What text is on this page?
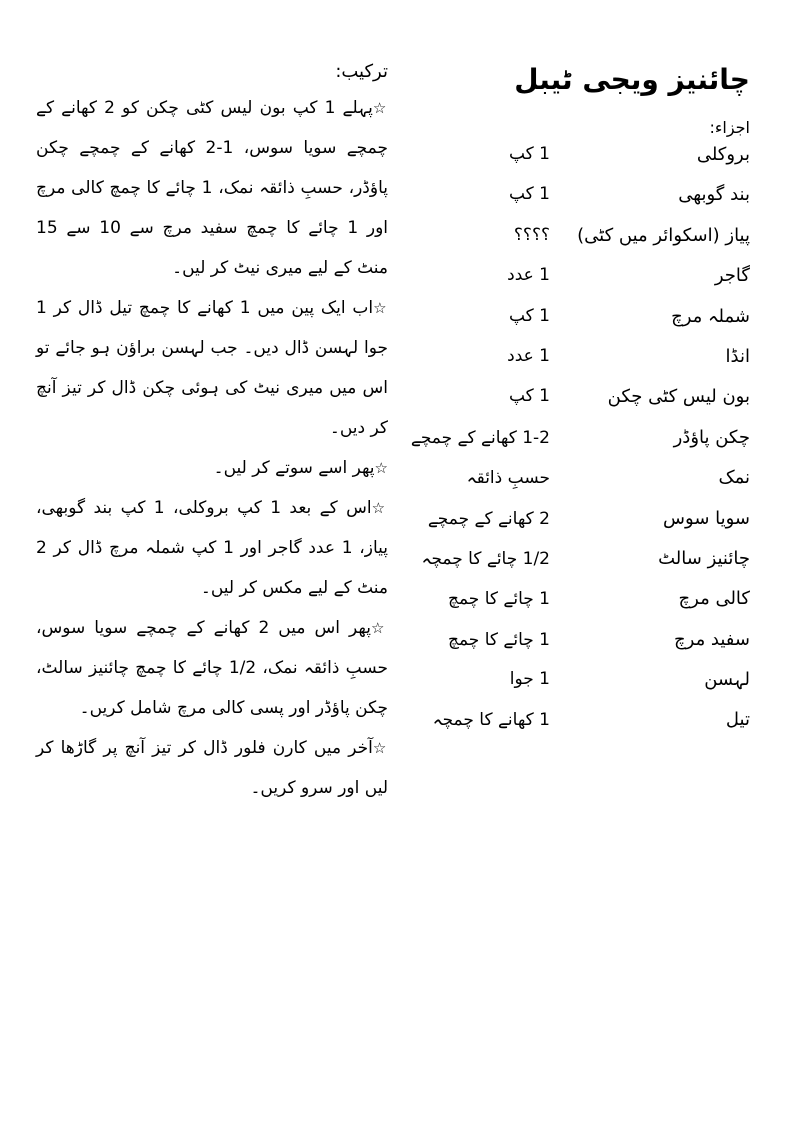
چائنیز ویجی ٹیبل
اجزاء:
بروکلی
1 کپ
بند گوبھی
1 کپ
پیاز (اسکوائر میں کٹی)
؟؟؟؟
گاجر
1 عدد
شملہ مرچ
1 کپ
انڈا
1 عدد
بون لیس کٹی چکن
1 کپ
چکن پاؤڈر
1-2 کھانے کے چمچے
نمک
حسبِ ذائقہ
سویا سوس
2 کھانے کے چمچے
چائنیز سالٹ
1/2 چائے کا چمچہ
کالی مرچ
1 چائے کا چمچ
سفید مرچ
1 چائے کا چمچ
لہسن
1 جوا
تیل
1 کھانے کا چمچہ
ترکیب:
☆پہلے 1 کپ بون لیس کٹی چکن کو 2 کھانے کے چمچے سویا سوس، 1-2 کھانے کے چمچے چکن پاؤڈر، حسبِ ذائقہ نمک، 1 چائے کا چمچ کالی مرچ اور 1 چائے کا چمچ سفید مرچ سے 10 سے 15 منٹ کے لیے میری نیٹ کر لیں۔
☆اب ایک پین میں 1 کھانے کا چمچ تیل ڈال کر 1 جوا لہسن ڈال دیں۔ جب لہسن براؤن ہو جائے تو اس میں میری نیٹ کی ہوئی چکن ڈال کر تیز آنچ کر دیں۔
☆پھر اسے سوتے کر لیں۔
☆اس کے بعد 1 کپ بروکلی، 1 کپ بند گوبھی، پیاز، 1 عدد گاجر اور 1 کپ شملہ مرچ ڈال کر 2 منٹ کے لیے مکس کر لیں۔
☆پھر اس میں 2 کھانے کے چمچے سویا سوس، حسبِ ذائقہ نمک، 1/2 چائے کا چمچ چائنیز سالٹ، چکن پاؤڈر اور پسی کالی مرچ شامل کریں۔
☆آخر میں کارن فلور ڈال کر تیز آنچ پر گاڑھا کر لیں اور سرو کریں۔
